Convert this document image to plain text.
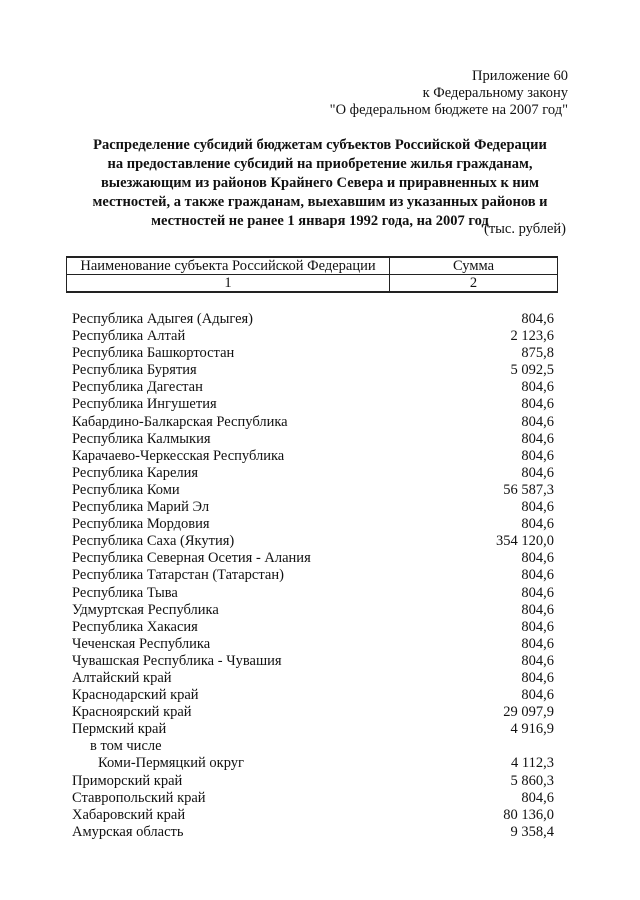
Приложение 60
к Федеральному закону
"О федеральном бюджете на 2007 год"
Распределение субсидий бюджетам субъектов Российской Федерации
на предоставление субсидий на приобретение жилья гражданам,
выезжающим из районов Крайнего Севера и приравненных к ним
местностей, а также гражданам, выехавшим из указанных районов и
местностей не ранее 1 января 1992 года, на 2007 год
(тыс. рублей)
Наименование субъекта Российской Федерации	Сумма
1	2
Республика Адыгея (Адыгея)	804,6
Республика Алтай	2 123,6
Республика Башкортостан	875,8
Республика Бурятия	5 092,5
Республика Дагестан	804,6
Республика Ингушетия	804,6
Кабардино-Балкарская Республика	804,6
Республика Калмыкия	804,6
Карачаево-Черкесская Республика	804,6
Республика Карелия	804,6
Республика Коми	56 587,3
Республика Марий Эл	804,6
Республика Мордовия	804,6
Республика Саха (Якутия)	354 120,0
Республика Северная Осетия - Алания	804,6
Республика Татарстан (Татарстан)	804,6
Республика Тыва	804,6
Удмуртская Республика	804,6
Республика Хакасия	804,6
Чеченская Республика	804,6
Чувашская Республика - Чувашия	804,6
Алтайский край	804,6
Краснодарский край	804,6
Красноярский край	29 097,9
Пермский край	4 916,9
в том числе
Коми-Пермяцкий округ	4 112,3
Приморский край	5 860,3
Ставропольский край	804,6
Хабаровский край	80 136,0
Амурская область	9 358,4
